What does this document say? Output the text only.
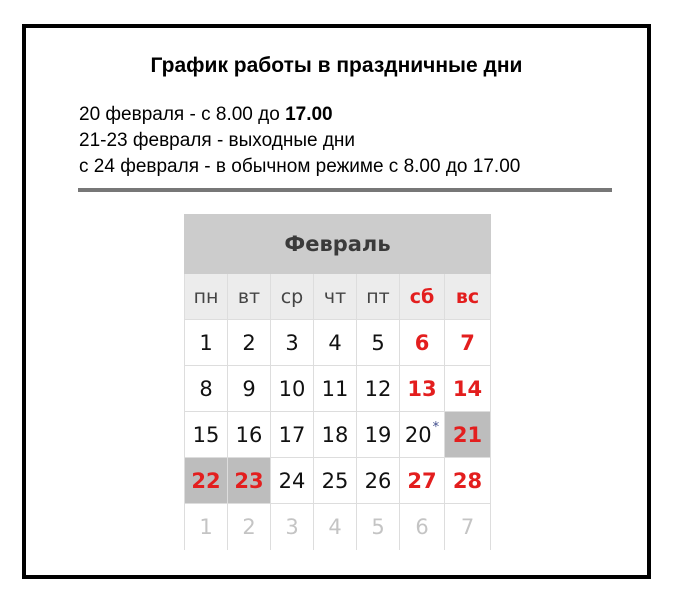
График работы в праздничные дни
20 февраля - с 8.00 до 17.00
21-23 февраля - выходные дни
с 24 февраля - в обычном режиме с 8.00 до 17.00
Февраль
пн	вт	ср	чт	пт	сб	вс
1	2	3	4	5	6	7
8	9	10 11 12 13 14
15 16 17 18 19 20 * 21
22 23 24 25 26 27 28
1	2	3	4	5	6	7
